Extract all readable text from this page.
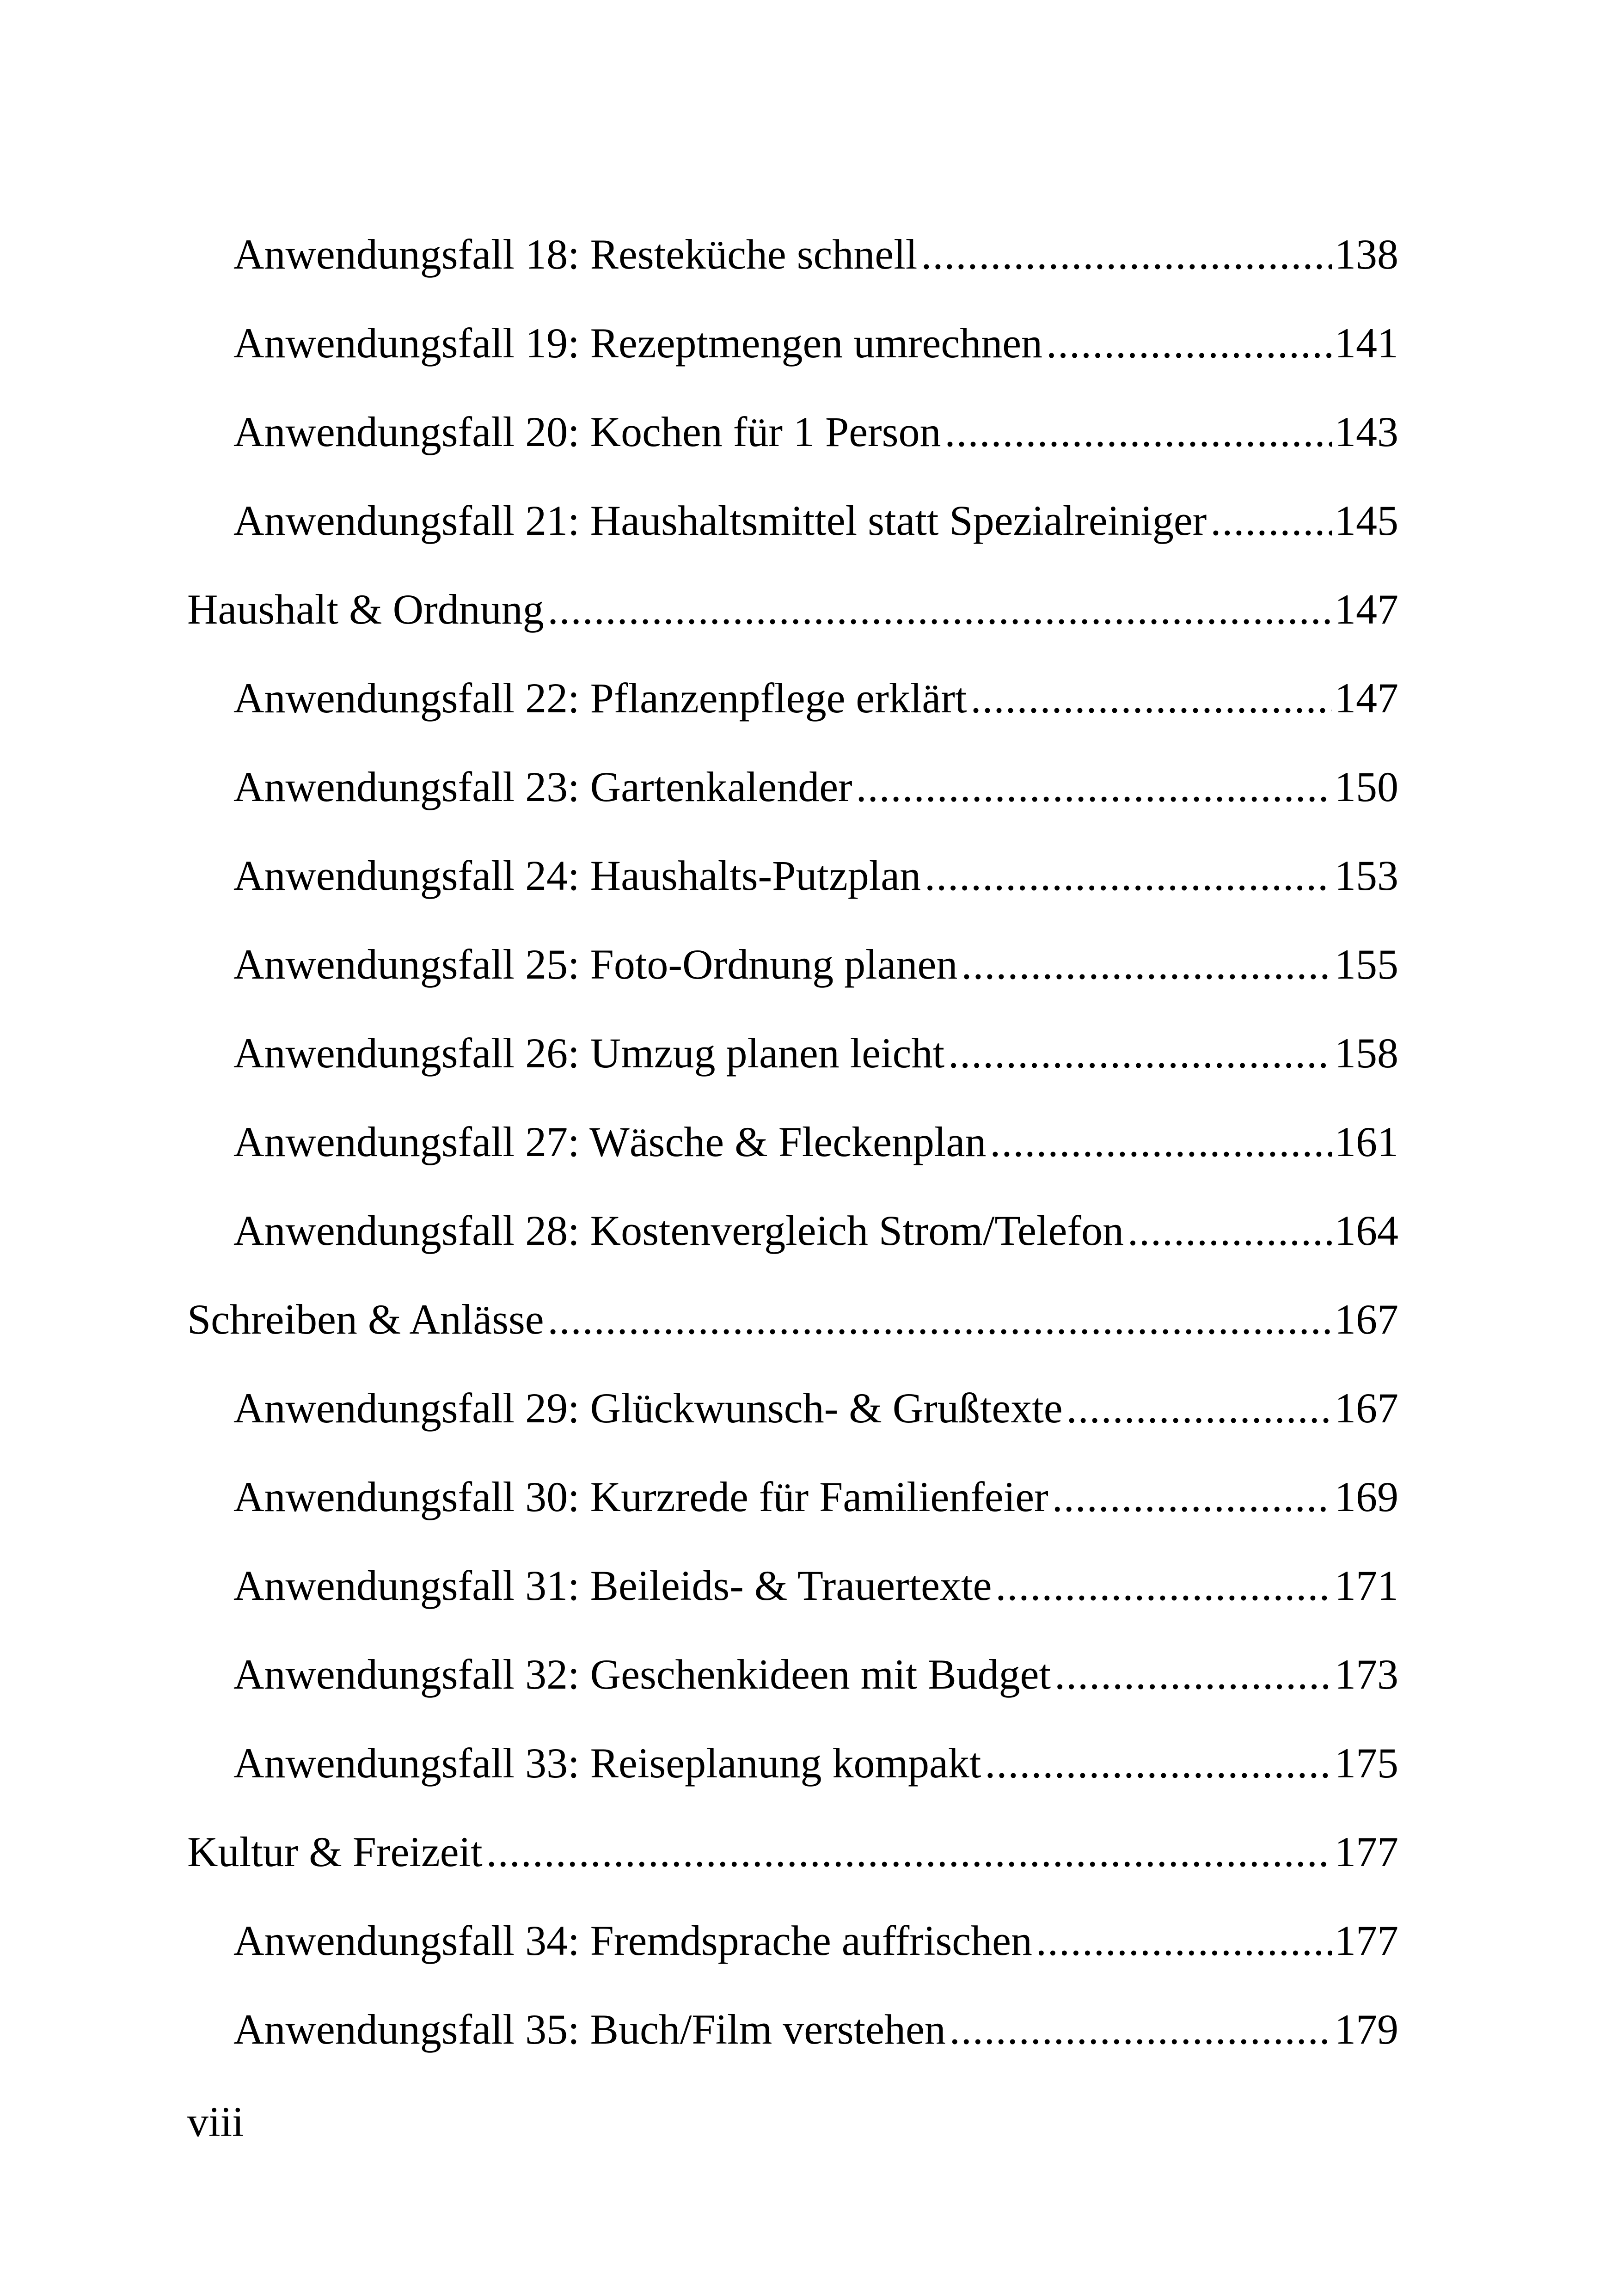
Anwendungsfall 18: Resteküche schnell .....	138
Anwendungsfall 19: Rezeptmengen umrechnen .....	141
Anwendungsfall 20: Kochen für 1 Person .....	143
Anwendungsfall 21: Haushaltsmittel statt Spezialreiniger .....	145
Haushalt & Ordnung .....	147
Anwendungsfall 22: Pflanzenpflege erklärt .....	147
Anwendungsfall 23: Gartenkalender .....	150
Anwendungsfall 24: Haushalts-Putzplan .....	153
Anwendungsfall 25: Foto-Ordnung planen .....	155
Anwendungsfall 26: Umzug planen leicht .....	158
Anwendungsfall 27: Wäsche & Fleckenplan .....	161
Anwendungsfall 28: Kostenvergleich Strom/Telefon .....	164
Schreiben & Anlässe .....	167
Anwendungsfall 29: Glückwunsch- & Grußtexte .....	167
Anwendungsfall 30: Kurzrede für Familienfeier .....	169
Anwendungsfall 31: Beileids- & Trauertexte .....	171
Anwendungsfall 32: Geschenkideen mit Budget .....	173
Anwendungsfall 33: Reiseplanung kompakt .....	175
Kultur & Freizeit .....	177
Anwendungsfall 34: Fremdsprache auffrischen .....	177
Anwendungsfall 35: Buch/Film verstehen .....	179
viii
